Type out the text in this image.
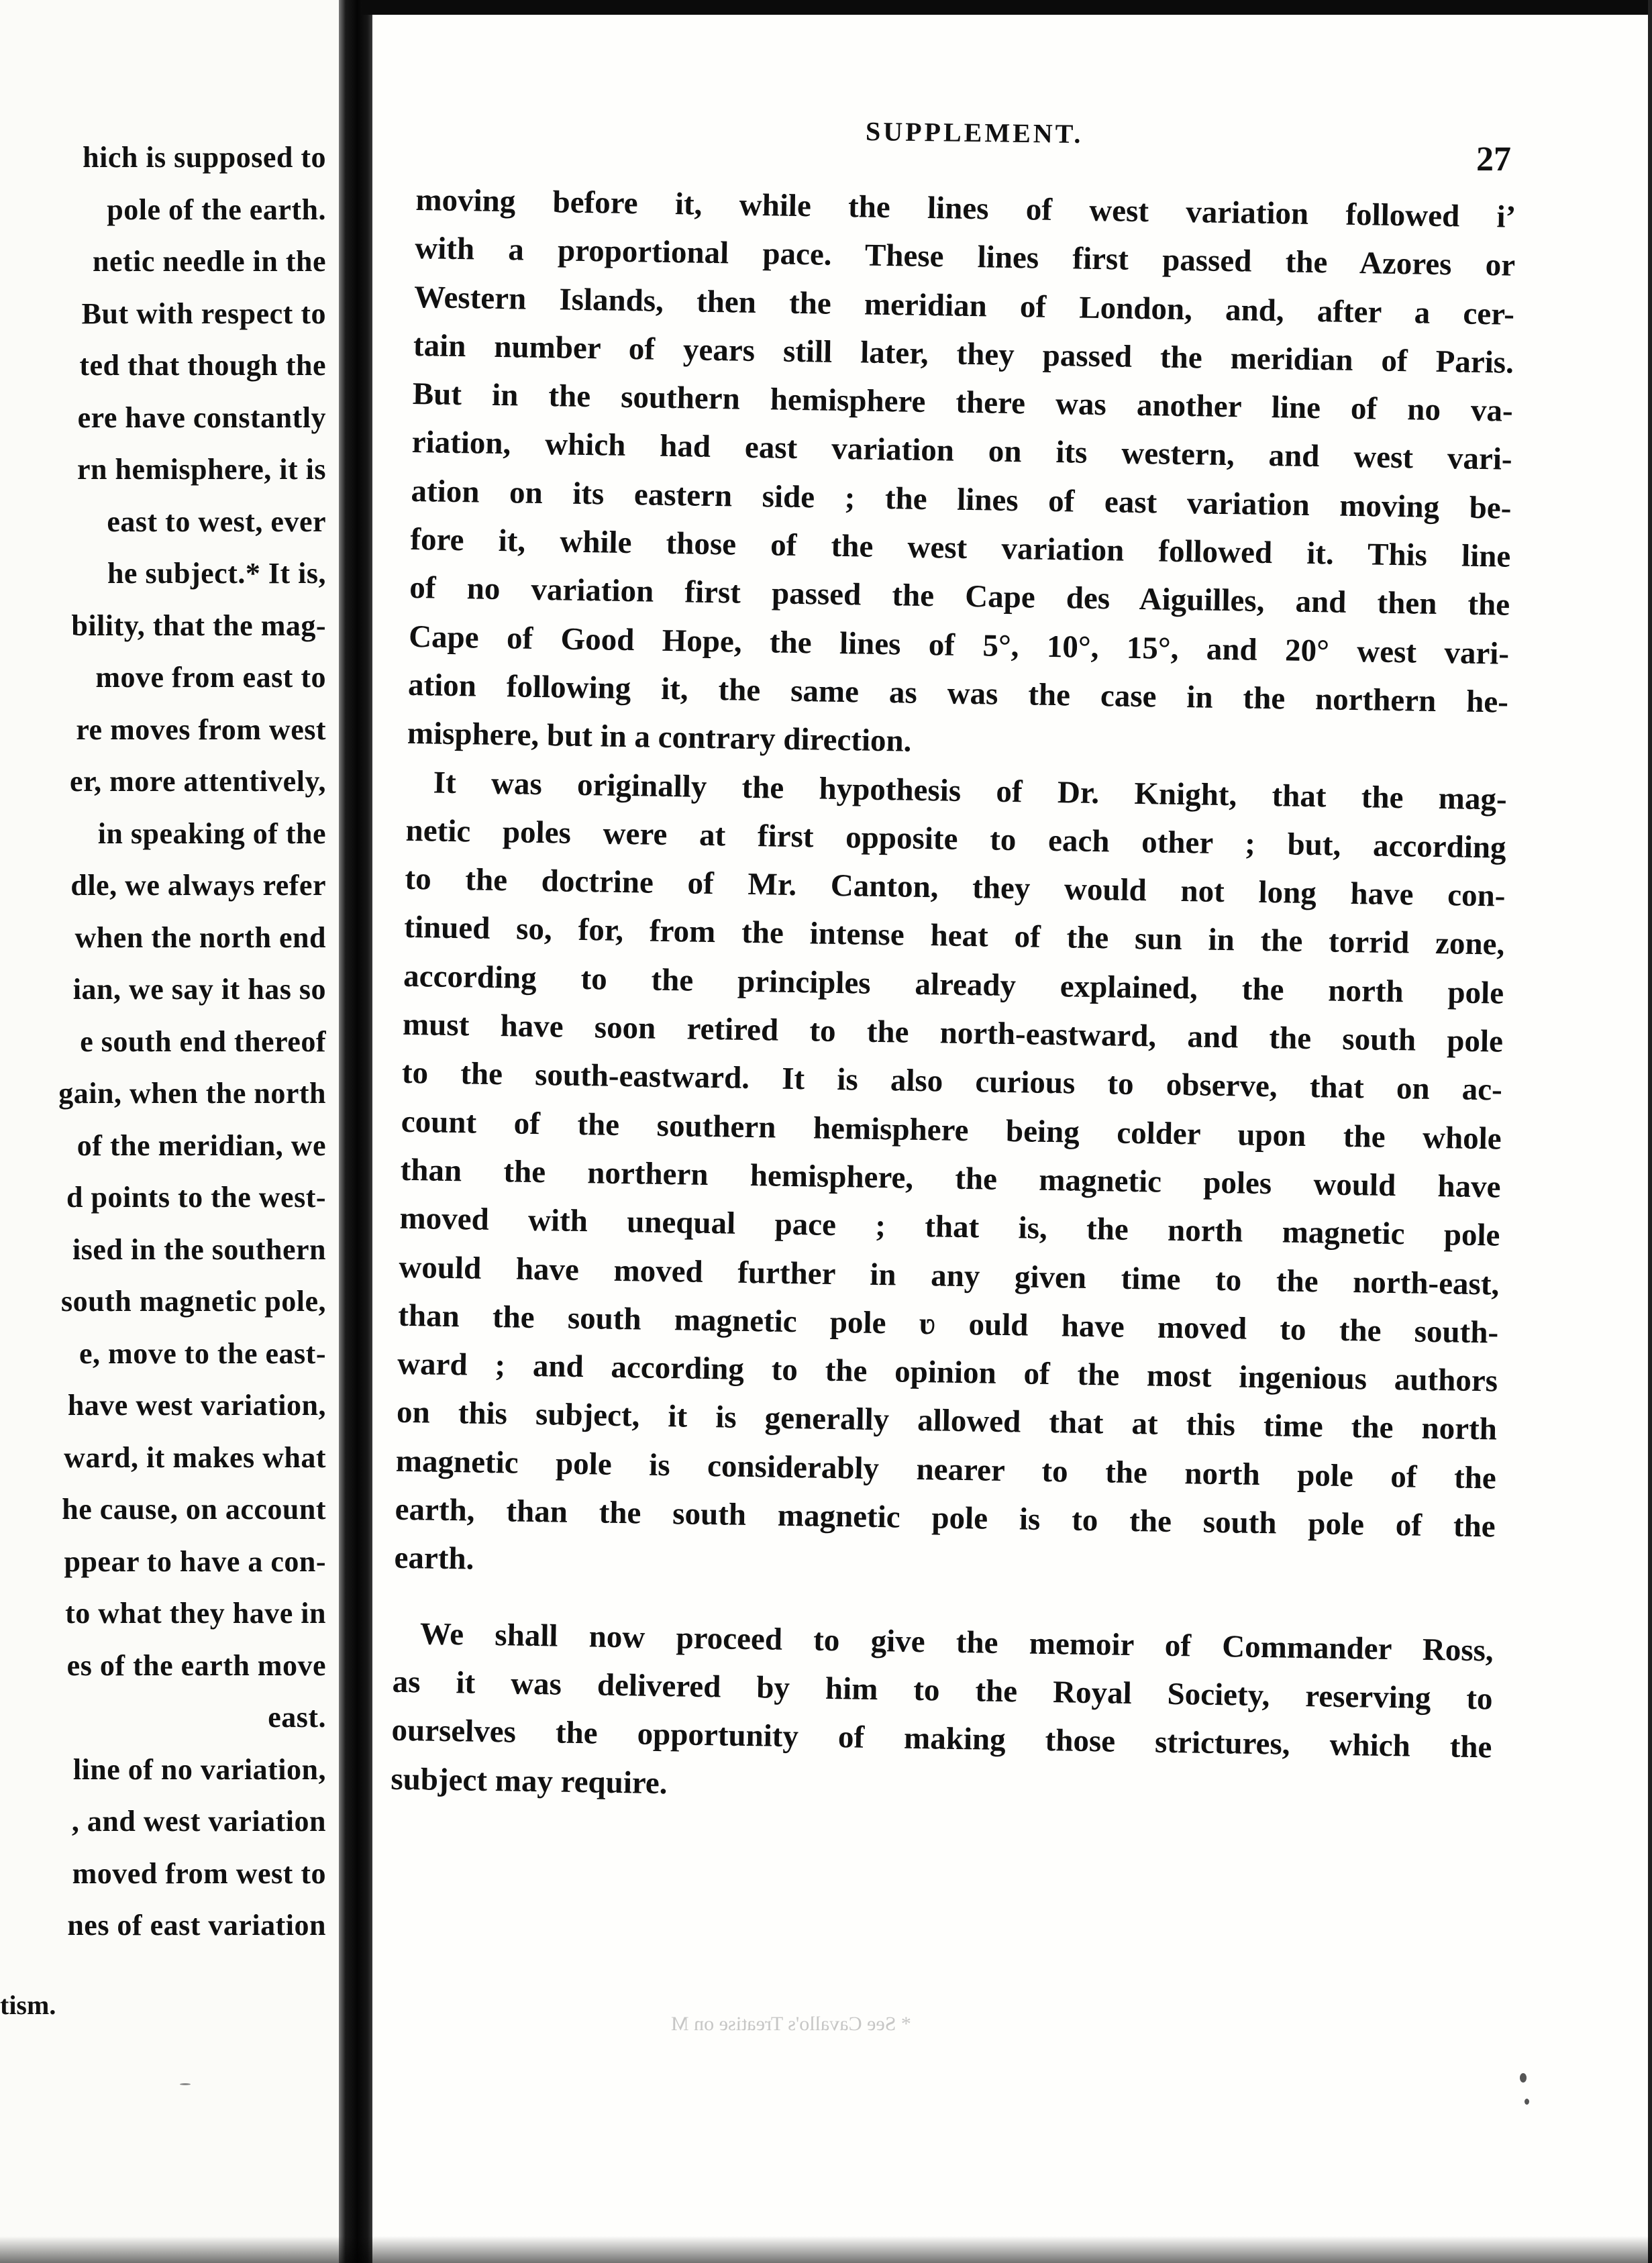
hich is supposed to
pole of the earth.
netic needle in the
But with respect to
ted that though the
ere have constantly
rn hemisphere, it is
east to west, ever
he subject.* It is,
bility, that the mag-
move from east to
re moves from west
er, more attentively,
in speaking of the
dle, we always refer
when the north end
ian, we say it has so
e south end thereof
gain, when the north
of the meridian, we
d points to the west-
ised in the southern
south magnetic pole,
e, move to the east-
have west variation,
ward, it makes what
he cause, on account
ppear to have a con-
to what they have in
es of the earth move
east.
line of no variation,
, and west variation
moved from west to
nes of east variation
tism.
SUPPLEMENT.
27
moving before it, while the lines of west variation followed i’
with a proportional pace. These lines first passed the Azores or
Western Islands, then the meridian of London, and, after a cer-
tain number of years still later, they passed the meridian of Paris.
But in the southern hemisphere there was another line of no va-
riation, which had east variation on its western, and west vari-
ation on its eastern side ; the lines of east variation moving be-
fore it, while those of the west variation followed it. This line
of no variation first passed the Cape des Aiguilles, and then the
Cape of Good Hope, the lines of 5°, 10°, 15°, and 20° west vari-
ation following it, the same as was the case in the northern he-
misphere, but in a contrary direction.
It was originally the hypothesis of Dr. Knight, that the mag-
netic poles were at first opposite to each other ; but, according
to the doctrine of Mr. Canton, they would not long have con-
tinued so, for, from the intense heat of the sun in the torrid zone,
according to the principles already explained, the north pole
must have soon retired to the north-eastward, and the south pole
to the south-eastward. It is also curious to observe, that on ac-
count of the southern hemisphere being colder upon the whole
than the northern hemisphere, the magnetic poles would have
moved with unequal pace ; that is, the north magnetic pole
would have moved further in any given time to the north-east,
than the south magnetic pole ʋ ould have moved to the south-
ward ; and according to the opinion of the most ingenious authors
on this subject, it is generally allowed that at this time the north
magnetic pole is considerably nearer to the north pole of the
earth, than the south magnetic pole is to the south pole of the
earth.
We shall now proceed to give the memoir of Commander Ross,
as it was delivered by him to the Royal Society, reserving to
ourselves the opportunity of making those strictures, which the
subject may require.
* See Cavallo's Treatise on M
